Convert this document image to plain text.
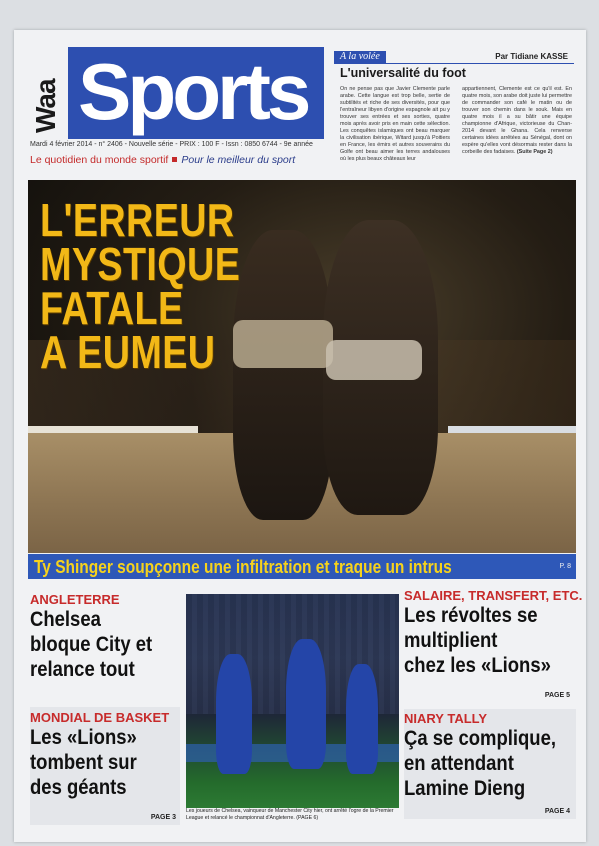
Waa Sports
Mardi 4 février 2014 - n° 2406 - Nouvelle série - PRIX : 100 F - Issn : 0850 6744 - 9e année
Le quotidien du monde sportif Pour le meilleur du sport
A la volée	Par Tidiane KASSE
L'universalité du foot
On ne pense pas que Javier Clemente parle arabe. Cette langue est trop belle, sertie de subtilités et riche de ses diversités, pour que l'entraîneur libyen d'origine espagnole ait pu y trouver ses entrées et ses sorties, quatre mois après avoir pris en main cette sélection. Les conquêtes islamiques ont beau marquer la civilisation ibérique, Witard jusqu'à Poitiers en France, les émirs et autres souverains du Golfe ont beau aimer les terres andalouses où les plus beaux châteaux leur
appartiennent, Clemente est ce qu'il est. En quatre mois, son arabe doit juste lui permettre de commander son café le matin ou de trouver son chemin dans le souk. Mais en quatre mois il a su bâtir une équipe championne d'Afrique, victorieuse du Chan-2014 devant le Ghana. Cela renverse certaines idées arrêtées au Sénégal, dont on espère qu'elles vont désormais rester dans la corbeille des fadaises. (Suite Page 2)
L'ERREUR
MYSTIQUE
FATALE
A EUMEU
Ty Shinger soupçonne une infiltration et traque un intrus	P. 8
ANGLETERRE
Chelsea
bloque City et
relance tout
MONDIAL DE BASKET
Les «Lions»
tombent sur
des géants
PAGE 3
Les joueurs de Chelsea, vainqueur de Manchester City hier, ont arrêté l'ogre de la Premier League et relancé le championnat d'Angleterre. (PAGE 6)
SALAIRE, TRANSFERT, ETC.
Les révoltes se
multiplient
chez les «Lions»
PAGE 5
NIARY TALLY
Ça se complique,
en attendant
Lamine Dieng
PAGE 4
